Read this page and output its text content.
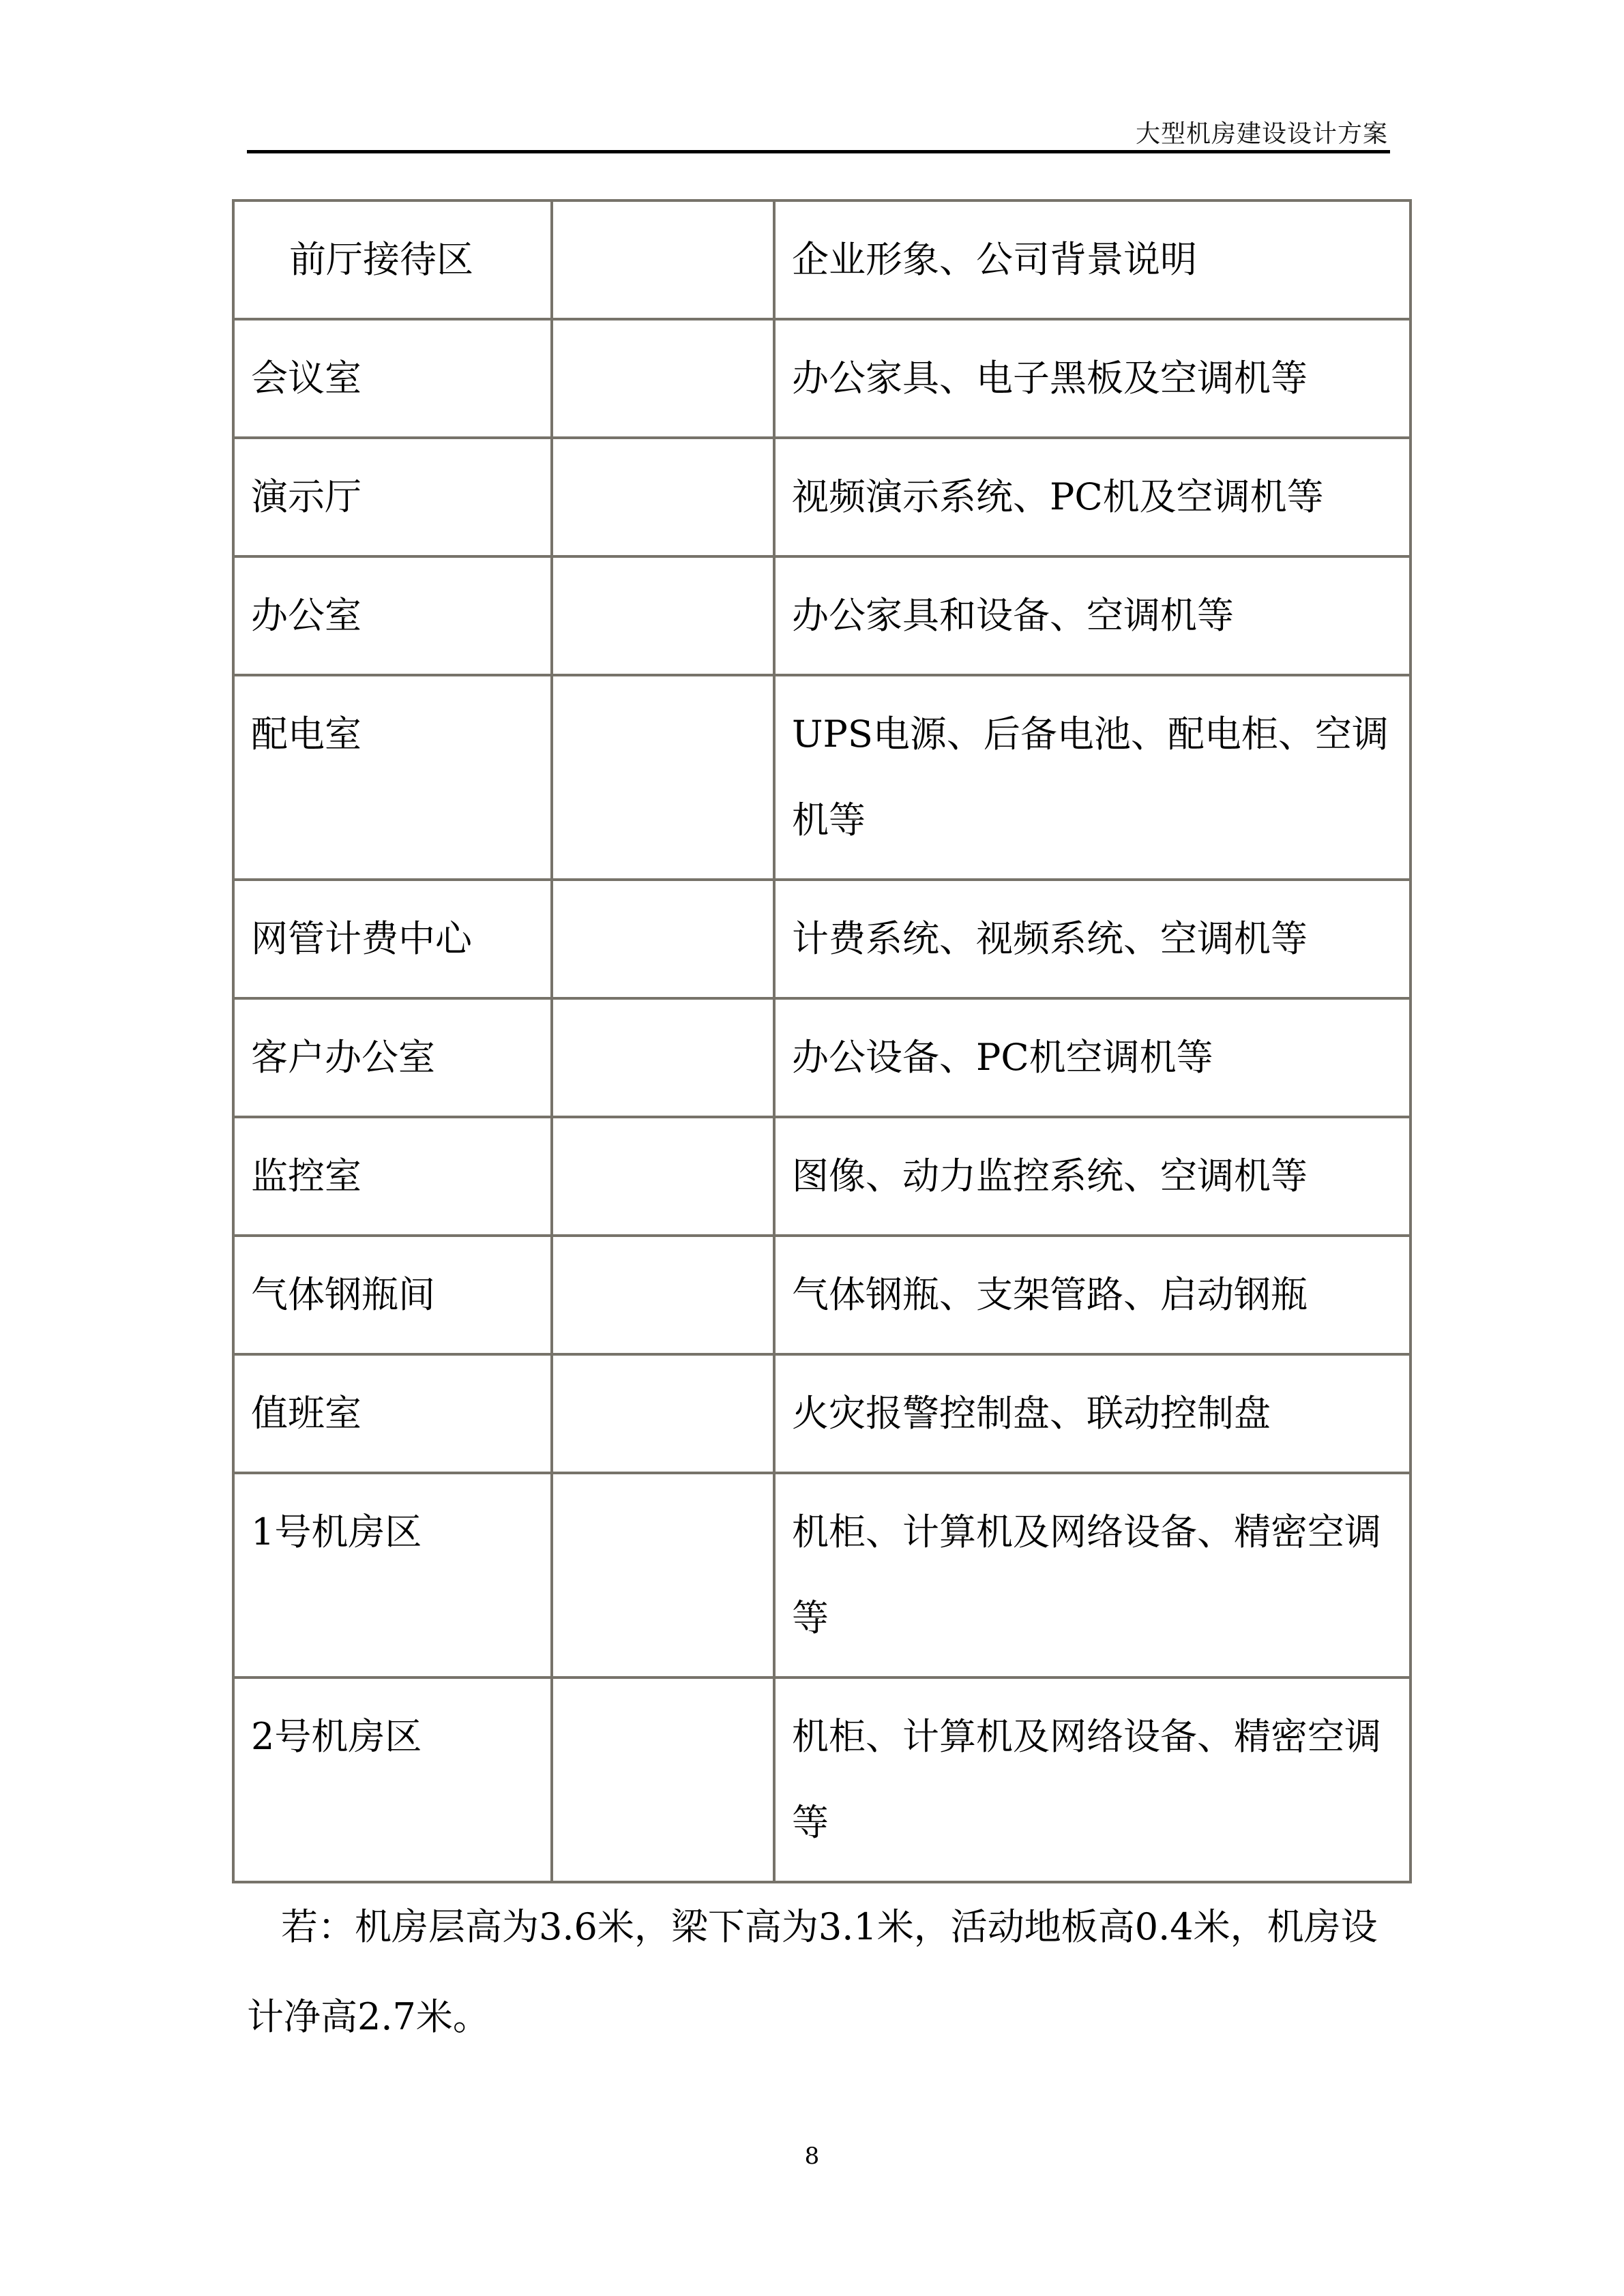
大型机房建设设计方案
前厅接待区		企业形象、公司背景说明
会议室		办公家具、电子黑板及空调机等
演示厅		视频演示系统、PC机及空调机等
办公室		办公家具和设备、空调机等
配电室		UPS电源、后备电池、配电柜、空调机等
网管计费中心		计费系统、视频系统、空调机等
客户办公室		办公设备、PC机空调机等
监控室		图像、动力监控系统、空调机等
气体钢瓶间		气体钢瓶、支架管路、启动钢瓶
值班室		火灾报警控制盘、联动控制盘
1号机房区		机柜、计算机及网络设备、精密空调等
2号机房区		机柜、计算机及网络设备、精密空调等
若：机房层高为3.6米，梁下高为3.1米，活动地板高0.4米，机房设计净高2.7米。
8
